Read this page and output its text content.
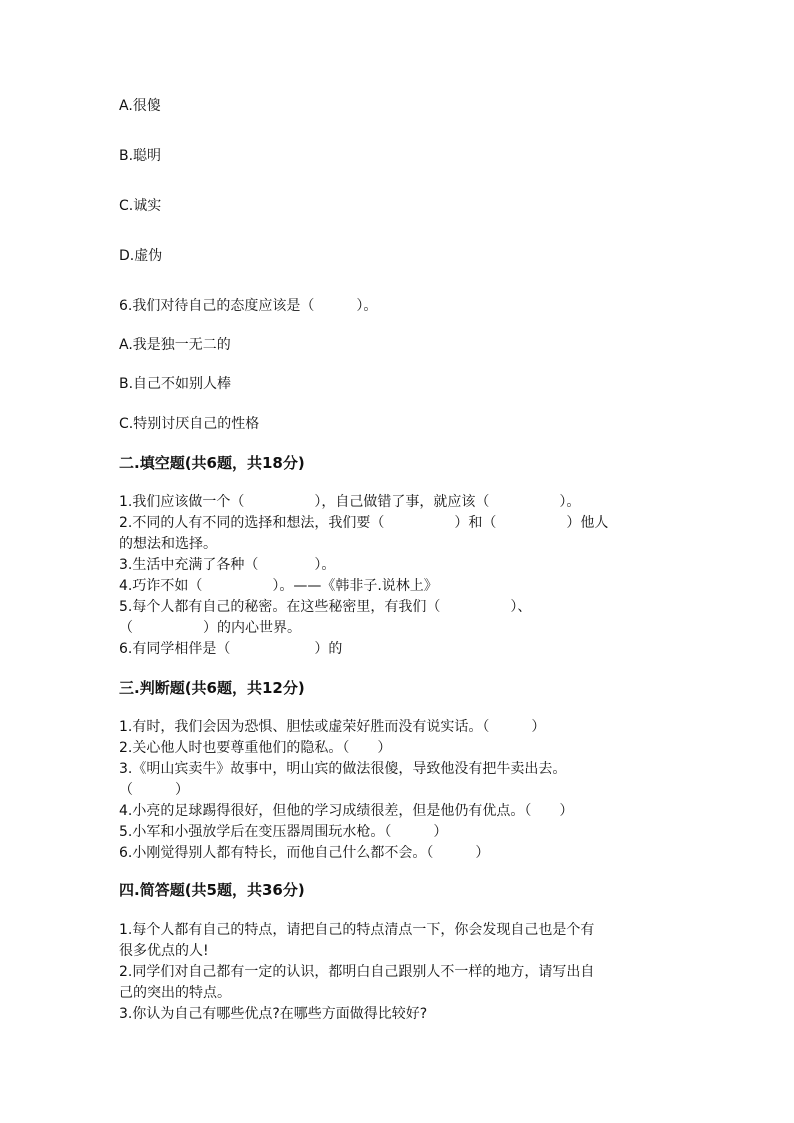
A.很傻
B.聪明
C.诚实
D.虚伪
6.我们对待自己的态度应该是（　　　）。
A.我是独一无二的
B.自己不如别人棒
C.特别讨厌自己的性格
二.填空题(共6题，共18分)
1.我们应该做一个（　　　　　），自己做错了事，就应该（　　　　　）。
2.不同的人有不同的选择和想法，我们要（　　　　　）和（　　　　　）他人
的想法和选择。
3.生活中充满了各种（　　　　）。
4.巧诈不如（　　　　　）。——《韩非子.说林上》
5.每个人都有自己的秘密。在这些秘密里，有我们（　　　　　）、
（　　　　　）的内心世界。
6.有同学相伴是（　　　　　　）的
三.判断题(共6题，共12分)
1.有时，我们会因为恐惧、胆怯或虚荣好胜而没有说实话。（　　　）
2.关心他人时也要尊重他们的隐私。（　　）
3.《明山宾卖牛》故事中，明山宾的做法很傻，导致他没有把牛卖出去。
（　　　）
4.小亮的足球踢得很好，但他的学习成绩很差，但是他仍有优点。（　　）
5.小军和小强放学后在变压器周围玩水枪。（　　　）
6.小刚觉得别人都有特长，而他自己什么都不会。（　　　）
四.简答题(共5题，共36分)
1.每个人都有自己的特点，请把自己的特点清点一下，你会发现自己也是个有
很多优点的人!
2.同学们对自己都有一定的认识，都明白自己跟别人不一样的地方，请写出自
己的突出的特点。
3.你认为自己有哪些优点?在哪些方面做得比较好?
